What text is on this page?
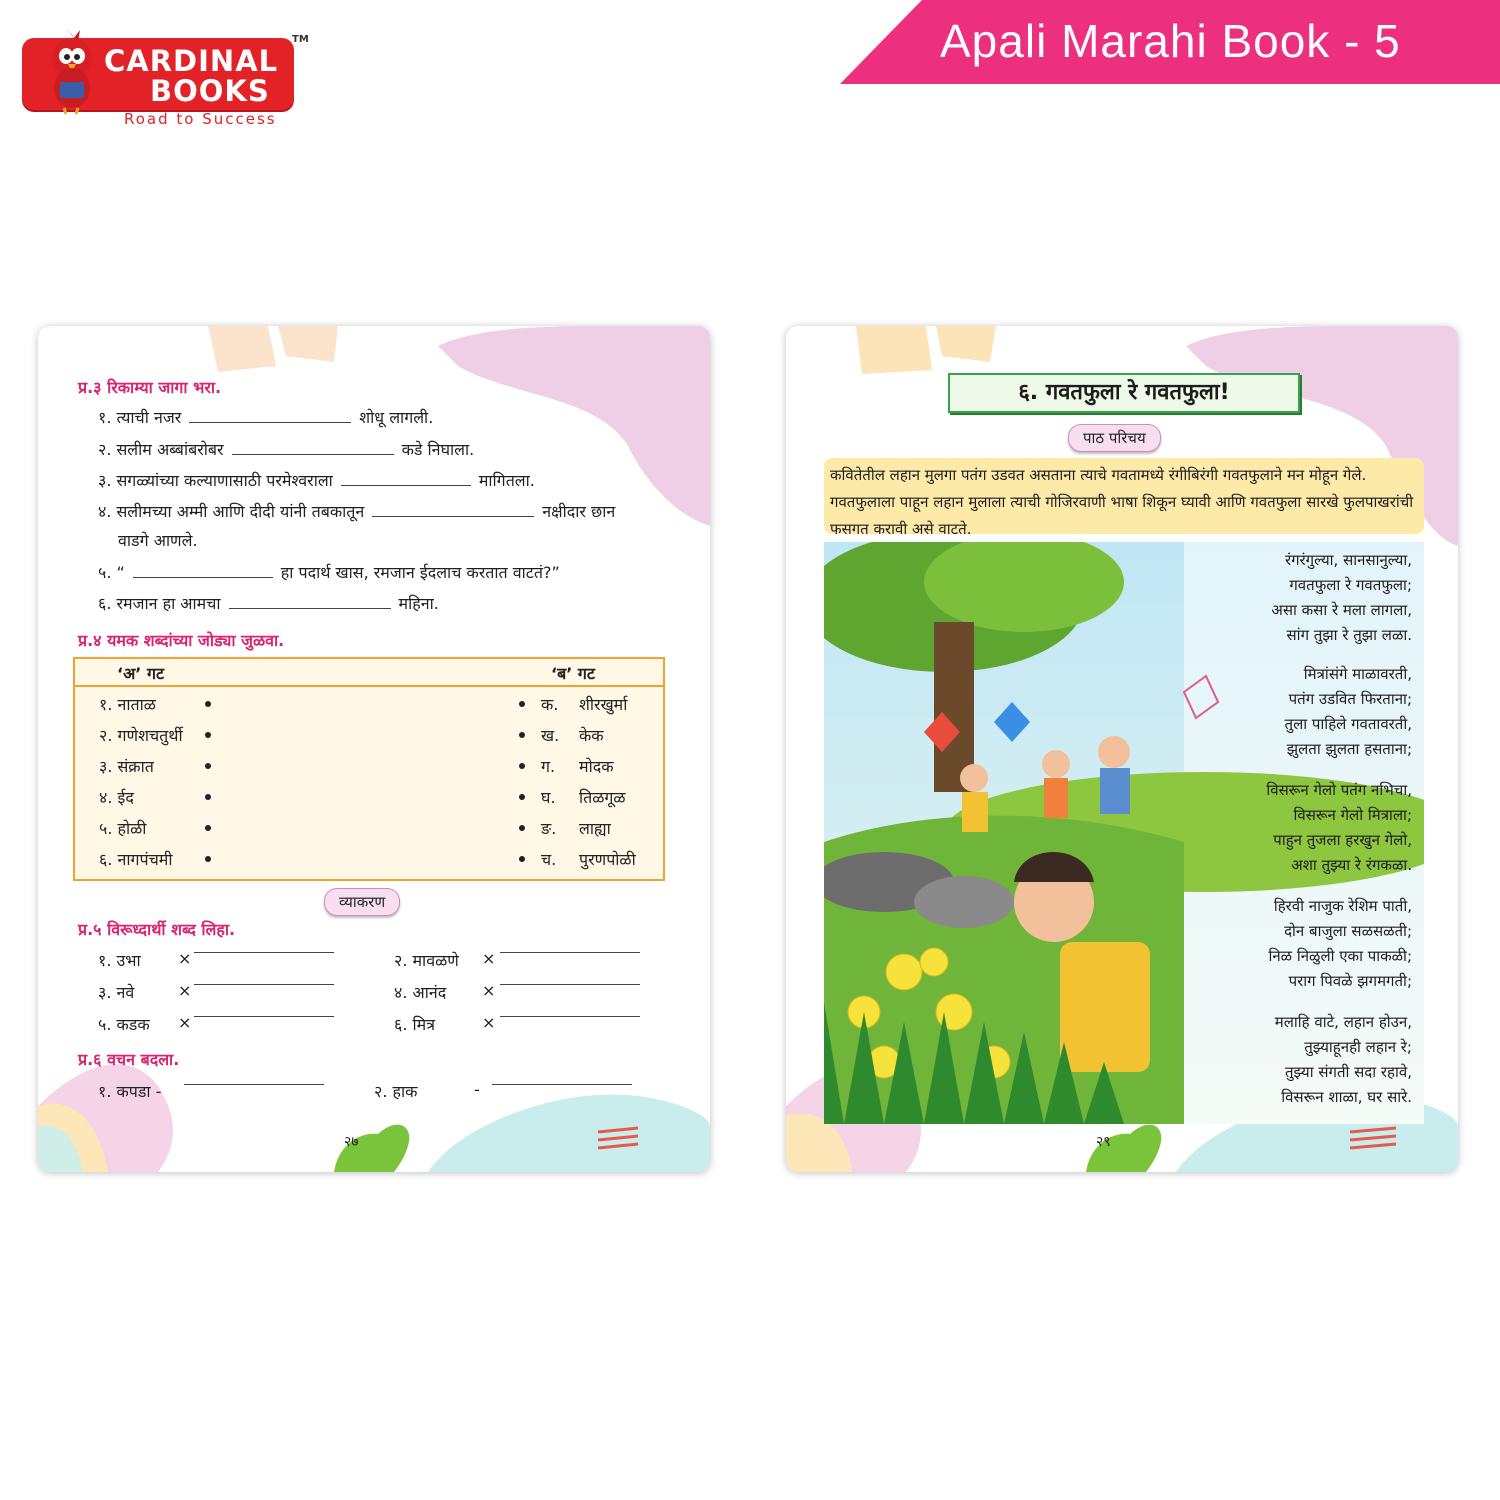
CARDINAL
BOOKS
TM
Road to Success
Apali Marahi Book - 5
प्र.३ रिकाम्या जागा भरा.
१. त्याची नजर	शोधू लागली.
२. सलीम अब्बांबरोबर	कडे निघाला.
३. सगळ्यांच्या कल्याणासाठी परमेश्वराला	मागितला.
४. सलीमच्या अम्मी आणि दीदी यांनी तबकातून	नक्षीदार छान
वाडगे आणले.
५. “	हा पदार्थ खास, रमजान ईदलाच करतात वाटतं?”
६. रमजान हा आमचा	महिना.
प्र.४ यमक शब्दांच्या जोड्या जुळवा.
‘अ’ गट	‘ब’ गट
१. नाताळ	क. शीरखुर्मा
२. गणेशचतुर्थी	ख. केक
३. संक्रात	ग. मोदक
४. ईद	घ. तिळगूळ
५. होळी	ङ. लाह्या
६. नागपंचमी	च. पुरणपोळी
व्याकरण
प्र.५ विरूध्दार्थी शब्द लिहा.
१. उभा ×	२. मावळणे ×
३. नवे	×	४. आनंद ×
५. कडक ×	६. मित्र	×
प्र.६ वचन बदला.
१. कपडा -	२. हाक	-
२७
६. गवतफुला रे गवतफुला!
पाठ परिचय

कवितेतील लहान मुलगा पतंग उडवत असताना त्याचे गवतामध्ये रंगीबिरंगी गवतफुलाने मन मोहून गेले. गवतफुलाला पाहून लहान मुलाला त्याची गोजिरवाणी भाषा शिकून घ्यावी आणि गवतफुला सारखे फुलपाखरांची फसगत करावी असे वाटते.

रंगरंगुल्या, सानसानुल्या,
गवतफुला रे गवतफुला;
असा कसा रे मला लागला,
सांग तुझा रे तुझा लळा.
मित्रांसंगे माळावरती,
पतंग उडवित फिरताना;
तुला पाहिले गवतावरती,
झुलता झुलता हसताना;
विसरून गेलो पतंग नभिचा,
विसरून गेलो मित्राला;
पाहुन तुजला हरखुन गेलो,
अशा तुझ्या रे रंगकळा.
हिरवी नाजुक रेशिम पाती,
दोन बाजुला सळसळती;
निळ निळुली एका पाकळी;
पराग पिवळे झगमगती;
मलाहि वाटे, लहान होउन,
तुझ्याहूनही लहान रे;
तुझ्या संगती सदा रहावे,
विसरून शाळा, घर सारे.
२९
